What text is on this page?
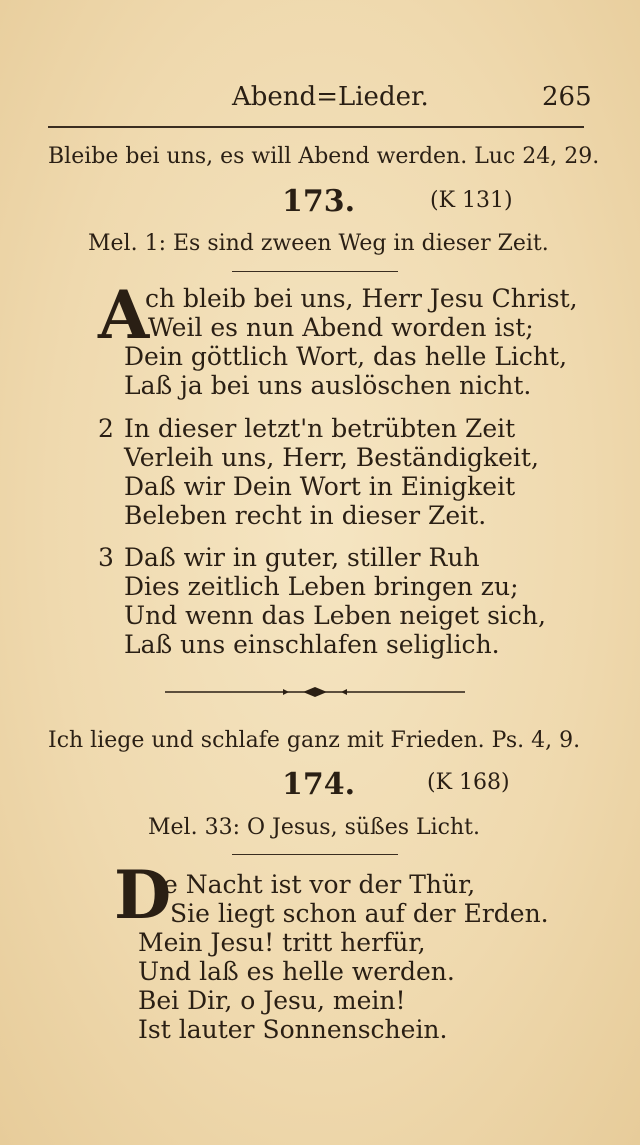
Abend=Lieder.	265
Bleibe bei uns, es will Abend werden. Luc 24, 29.
173.	(K 131)
Mel. 1: Es sind zween Weg in dieser Zeit.
A
ch bleib bei uns, Herr Jesu Christ,
Weil es nun Abend worden ist;
Dein göttlich Wort, das helle Licht,
Laß ja bei uns auslöschen nicht.
2 In dieser letzt'n betrübten Zeit
Verleih uns, Herr, Beständigkeit,
Daß wir Dein Wort in Einigkeit
Beleben recht in dieser Zeit.
3 Daß wir in guter, stiller Ruh
Dies zeitlich Leben bringen zu;
Und wenn das Leben neiget sich,
Laß uns einschlafen seliglich.
Ich liege und schlafe ganz mit Frieden. Ps. 4, 9.
174.	(K 168)
Mel. 33: O Jesus, süßes Licht.
D
ie Nacht ist vor der Thür,
Sie liegt schon auf der Erden.
Mein Jesu! tritt herfür,
Und laß es helle werden.
Bei Dir, o Jesu, mein!
Ist lauter Sonnenschein.
